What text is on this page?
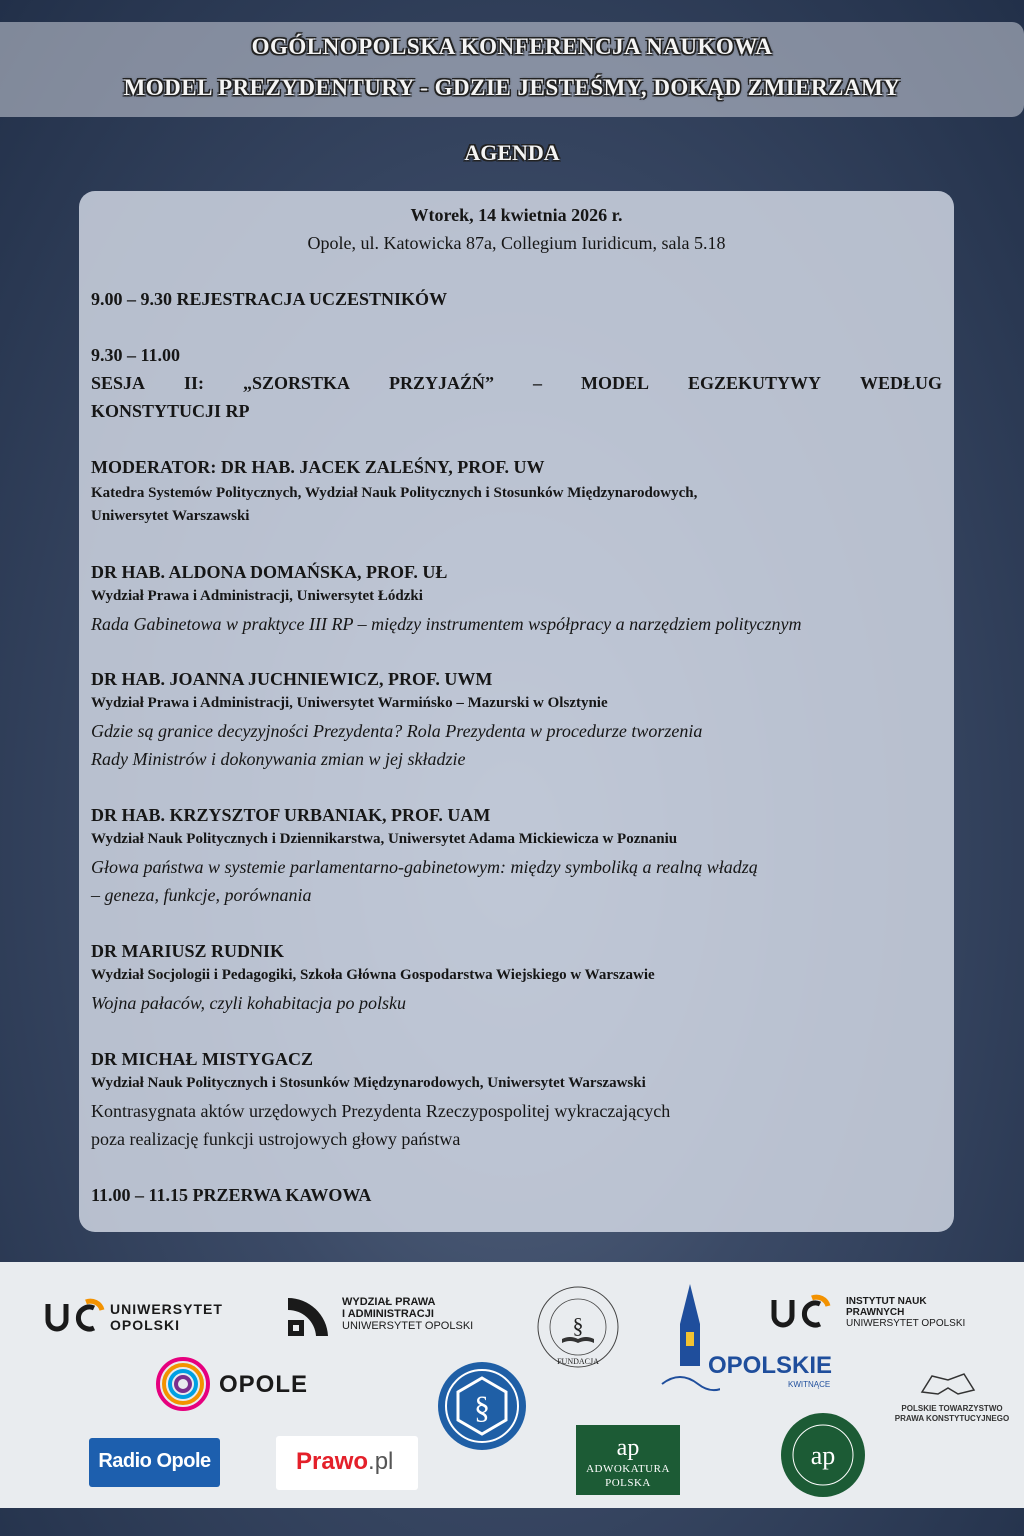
OGÓLNOPOLSKA KONFERENCJA NAUKOWA
MODEL PREZYDENTURY - GDZIE JESTEŚMY, DOKĄD ZMIERZAMY
AGENDA
Wtorek, 14 kwietnia 2026 r.
Opole, ul. Katowicka 87a, Collegium Iuridicum, sala 5.18
9.00 – 9.30 REJESTRACJA UCZESTNIKÓW
9.30 – 11.00
SESJA II: „SZORSTKA PRZYJAŹŃ” – MODEL EGZEKUTYWY WEDŁUG
KONSTYTUCJI RP
MODERATOR: DR HAB. JACEK ZALEŚNY, PROF. UW
Katedra Systemów Politycznych, Wydział Nauk Politycznych i Stosunków Międzynarodowych,
Uniwersytet Warszawski
DR HAB. ALDONA DOMAŃSKA, PROF. UŁ
Wydział Prawa i Administracji, Uniwersytet Łódzki
Rada Gabinetowa w praktyce III RP – między instrumentem współpracy a narzędziem politycznym
DR HAB. JOANNA JUCHNIEWICZ, PROF. UWM
Wydział Prawa i Administracji, Uniwersytet Warmińsko – Mazurski w Olsztynie
Gdzie są granice decyzyjności Prezydenta? Rola Prezydenta w procedurze tworzenia
Rady Ministrów i dokonywania zmian w jej składzie
DR HAB. KRZYSZTOF URBANIAK, PROF. UAM
Wydział Nauk Politycznych i Dziennikarstwa, Uniwersytet Adama Mickiewicza w Poznaniu
Głowa państwa w systemie parlamentarno-gabinetowym: między symboliką a realną władzą
– geneza, funkcje, porównania
DR MARIUSZ RUDNIK
Wydział Socjologii i Pedagogiki, Szkoła Główna Gospodarstwa Wiejskiego w Warszawie
Wojna pałaców, czyli kohabitacja po polsku
DR MICHAŁ MISTYGACZ
Wydział Nauk Politycznych i Stosunków Międzynarodowych, Uniwersytet Warszawski
Kontrasygnata aktów urzędowych Prezydenta Rzeczypospolitej wykraczających
poza realizację funkcji ustrojowych głowy państwa
11.00 – 11.15 PRZERWA KAWOWA
UNIWERSYTET
OPOLSKI
WYDZIAŁ PRAWA
I ADMINISTRACJI
UNIWERSYTET OPOLSKI	§
FUNDACJA	OPOLSKIE
KWITNĄCE
INSTYTUT NAUK
PRAWNYCH
UNIWERSYTET OPOLSKI
OPOLE
§	POLSKIE TOWARZYSTWO
PRAWA KONSTYTUCYJNEGO
Radio Opole	Prawo.pl	ap
ADWOKATURA
POLSKA
ap
